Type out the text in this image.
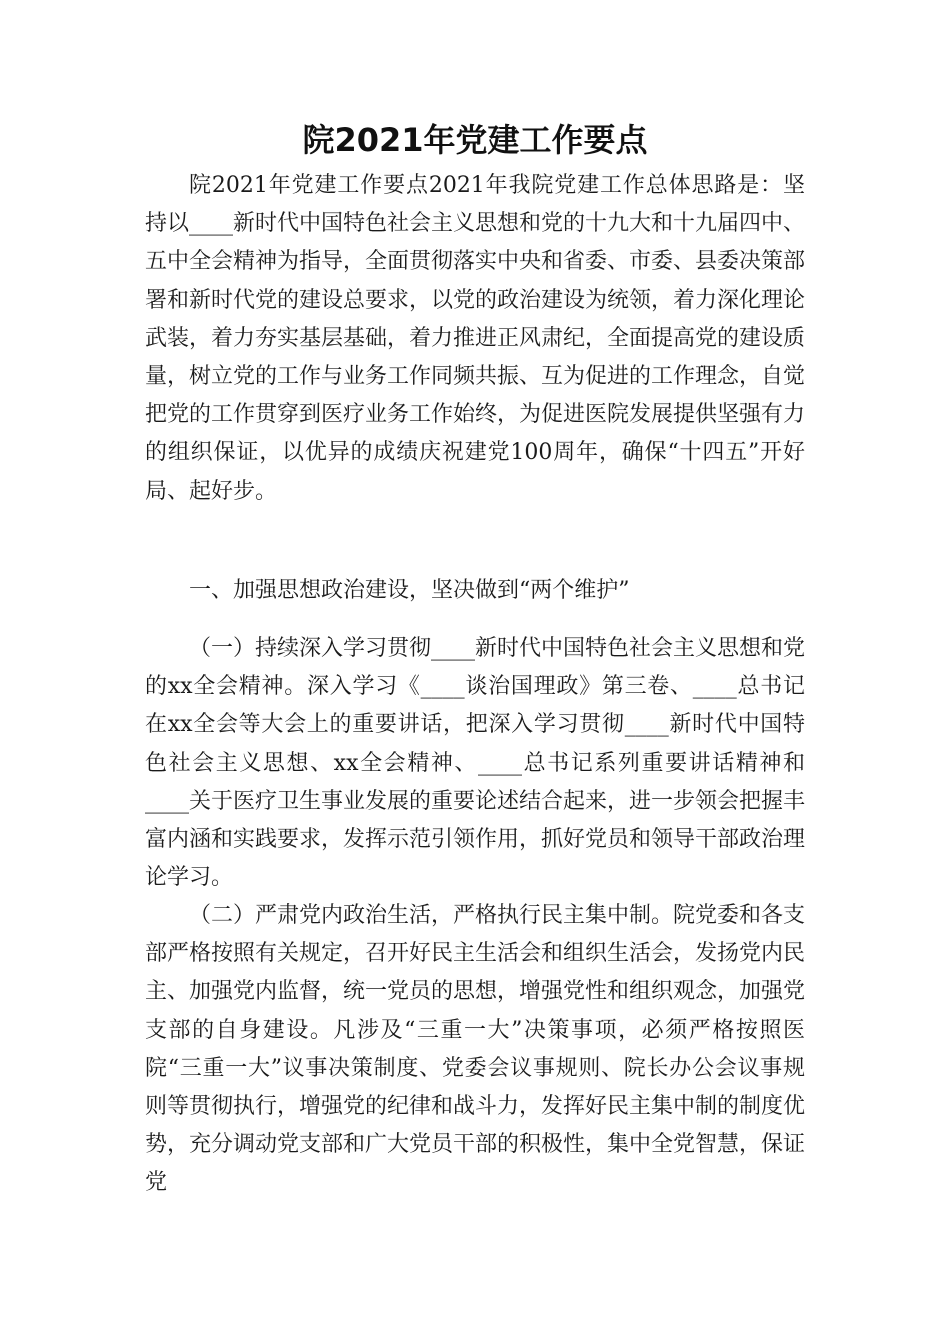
院2021年党建工作要点

院2021年党建工作要点2021年我院党建工作总体思路是：坚持以____新时代中国特色社会主义思想和党的十九大和十九届四中、五中全会精神为指导，全面贯彻落实中央和省委、市委、县委决策部署和新时代党的建设总要求，以党的政治建设为统领，着力深化理论武装，着力夯实基层基础，着力推进正风肃纪，全面提高党的建设质量，树立党的工作与业务工作同频共振、互为促进的工作理念，自觉把党的工作贯穿到医疗业务工作始终，为促进医院发展提供坚强有力的组织保证，以优异的成绩庆祝建党100周年，确保“十四五”开好局、起好步。

一、加强思想政治建设，坚决做到“两个维护”

（一）持续深入学习贯彻____新时代中国特色社会主义思想和党的xx全会精神。深入学习《____谈治国理政》第三卷、____总书记在xx全会等大会上的重要讲话，把深入学习贯彻____新时代中国特色社会主义思想、xx全会精神、____总书记系列重要讲话精神和____关于医疗卫生事业发展的重要论述结合起来，进一步领会把握丰富内涵和实践要求，发挥示范引领作用，抓好党员和领导干部政治理论学习。

（二）严肃党内政治生活，严格执行民主集中制。院党委和各支部严格按照有关规定，召开好民主生活会和组织生活会，发扬党内民主、加强党内监督，统一党员的思想，增强党性和组织观念，加强党支部的自身建设。凡涉及“三重一大”决策事项，必须严格按照医院“三重一大”议事决策制度、党委会议事规则、院长办公会议事规则等贯彻执行，增强党的纪律和战斗力，发挥好民主集中制的制度优势，充分调动党支部和广大党员干部的积极性，集中全党智慧，保证党
